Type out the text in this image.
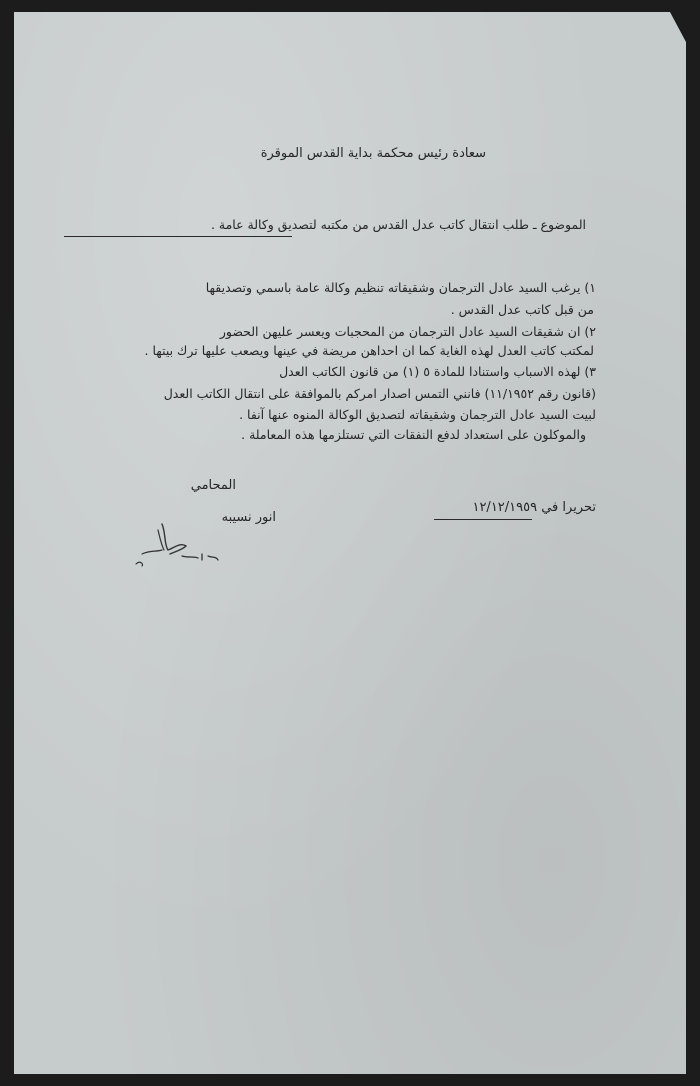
سعادة رئيس محكمة بداية القدس الموقرة

الموضوع ـ طلب انتقال كاتب عدل القدس من مكتبه لتصديق وكالة عامة .

١) يرغب السيد عادل الترجمان وشقيقاته تنظيم وكالة عامة باسمي وتصديقها

من قبل كاتب عدل القدس .

٢) ان شقيقات السيد عادل الترجمان من المحجبات ويعسر عليهن الحضور

لمكتب كاتب العدل لهذه الغاية كما ان احداهن مريضة في عينها ويصعب عليها ترك بيتها .

٣) لهذه الاسباب واستنادا للمادة ٥ (١) من قانون الكاتب العدل

(قانون رقم ١١/١٩٥٢) فانني التمس اصدار امركم بالموافقة على انتقال الكاتب العدل

لبيت السيد عادل الترجمان وشقيقاته لتصديق الوكالة المنوه عنها آنفا .

والموكلون على استعداد لدفع النفقات التي تستلزمها هذه المعاملة .

المحامي

انور نسيبه

تحريرا في ١٢/١٢/١٩٥٩
